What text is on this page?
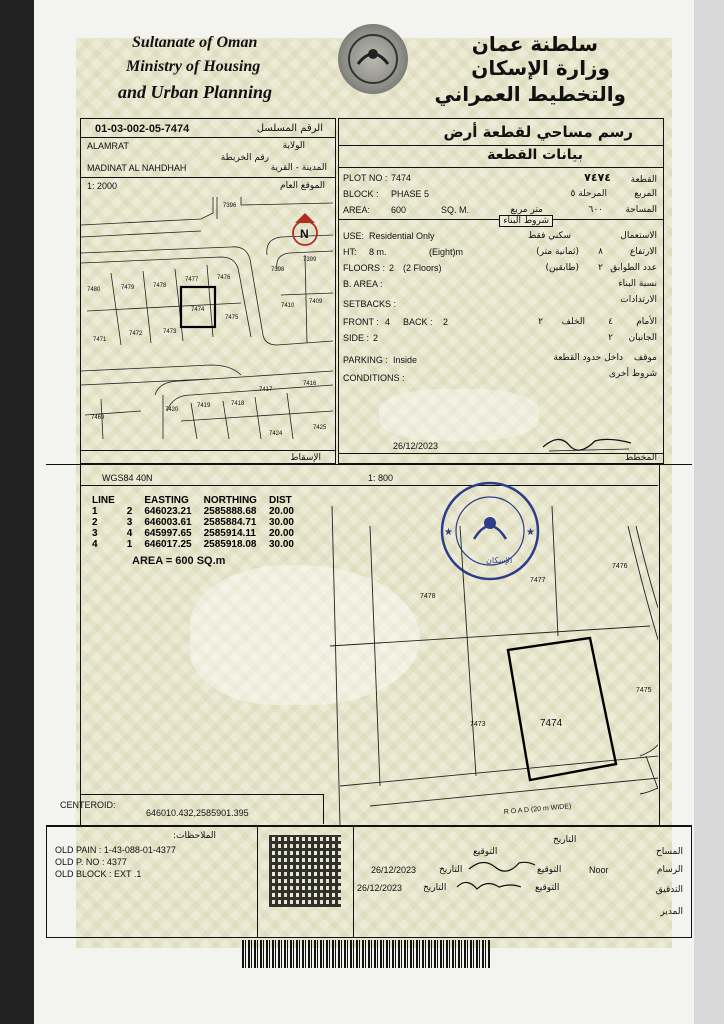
Sultanate of Oman
Ministry of Housing
and Urban Planning
سلطنة عمان
وزارة الإسكان
والتخطيط العمراني
01-03-002-05-7474	الرقم المسلسل
ALAMRAT	الولاية
رقم الخريطة
MADINAT AL NAHDHAH	المدينة - القرية
1: 2000	الموقع العام
7396
7398
7399
7480	7479	7478
7477	7476
7410
7409
7475
7474
7473
7472
7471
7417
7416
7420
7419	7418
7469
7424
7425
N
الإسقاط
رسم مساحي لقطعة أرض
بيانات القطعة
PLOT NO : 7474	٧٤٧٤ القطعة
BLOCK : PHASE 5	المرحلة ٥	المربع
AREA: 600	SQ. M.	متر مربع	٦٠٠ المساحة
شروط البناء
USE: Residential Only	سكني فقط	الاستعمال
HT: 8 m.	(Eight)m	(ثمانية متر) ٨	الارتفاع
FLOORS : 2 (2 Floors)	(طابقين) ٢ عدد الطوابق
B. AREA :	نسبة البناء
SETBACKS :	الارتدادات
FRONT : 4 BACK : 2	٢ الخلف	٤	الأمام
SIDE : 2	٢ الجانبان
PARKING : Inside	داخل حدود القطعة موقف
CONDITIONS :	شروط أخرى
26/12/2023
المخطط
WGS84 40N	1: 800
LINE		EASTING	NORTHING	DIST
1	2	646023.21	2585888.68	20.00
2	3	646003.61	2585884.71	30.00
3	4	645997.65	2585914.11	20.00
4	1	646017.25	2585918.08	30.00
AREA = 600 SQ.m
★	★
الإسكان
7478
7477
7476
7475
7473	7474
R O A D (20 m WIDE)
CENTEROID:
646010.432,2585901.395
الملاحظات:
OLD PAIN : 1-43-088-01-4377
OLD P. NO : 4377
OLD BLOCK : EXT .1
التاريخ
التوقيع	المساح
26/12/2023	التاريخ	التوقيع	Noor	الرسام
26/12/2023 التاريخ	التوقيع	التدقيق
المدير
